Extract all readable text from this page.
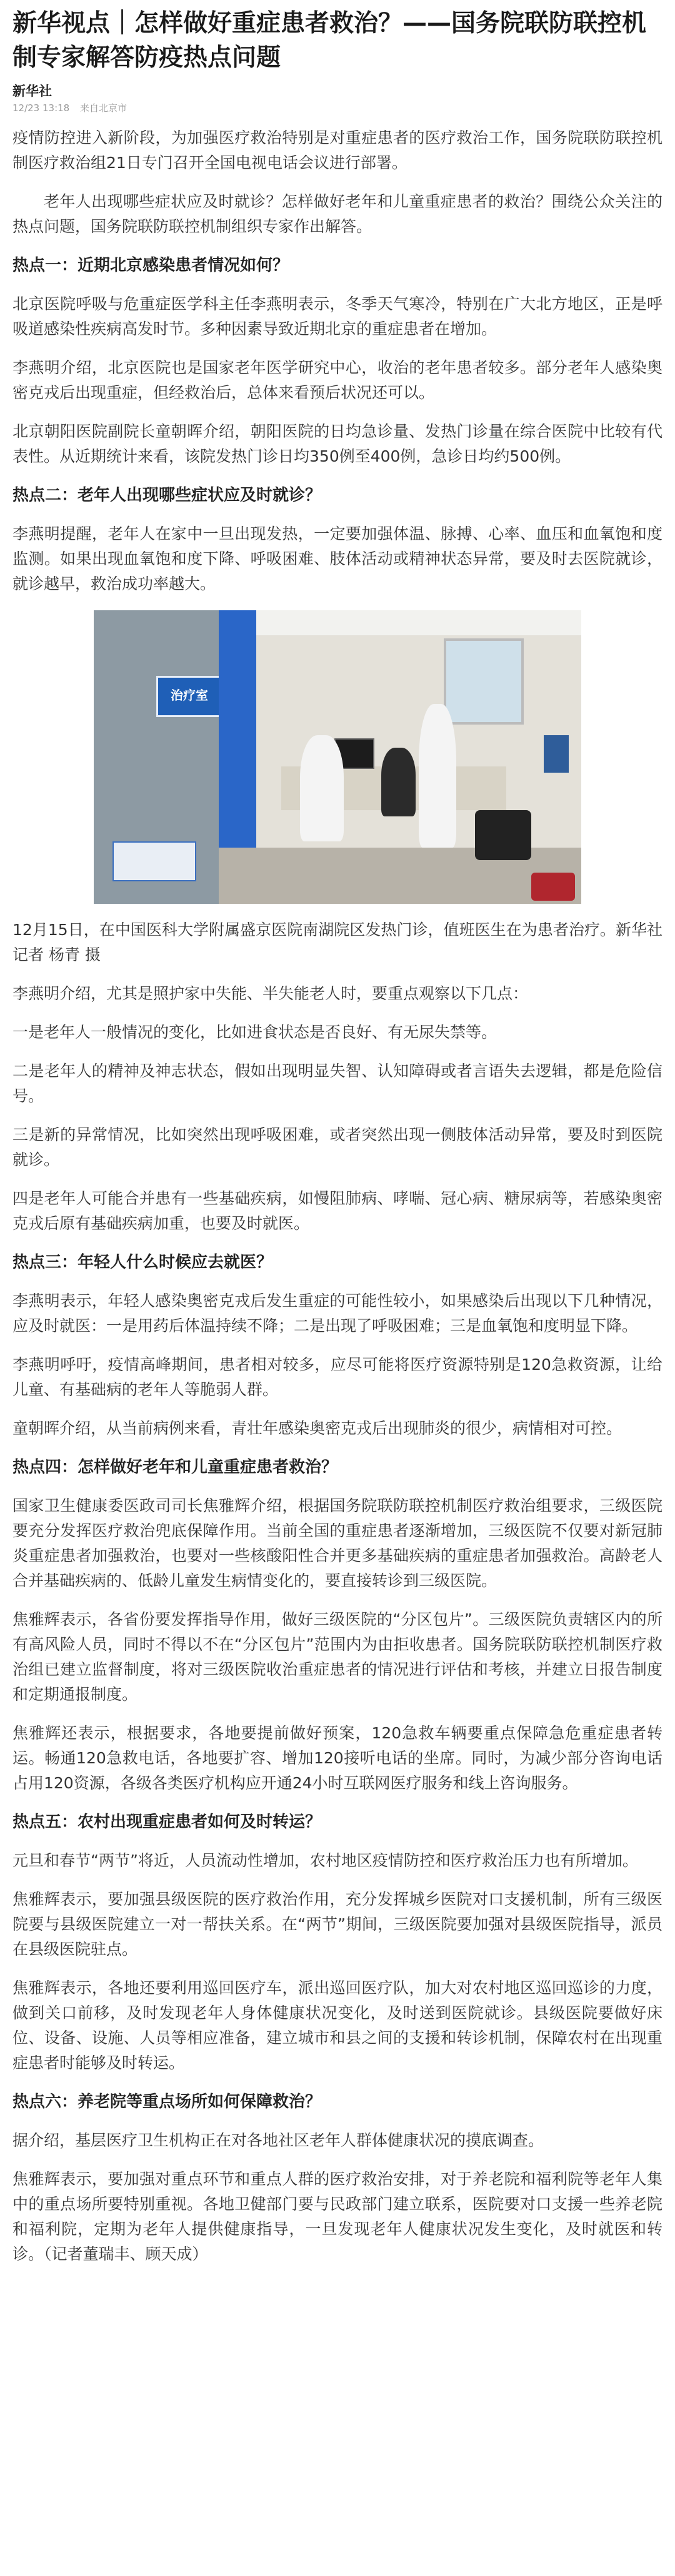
新华视点｜怎样做好重症患者救治？——国务院联防联控机制专家解答防疫热点问题
新华社
12/23 13:18 来自北京市

疫情防控进入新阶段，为加强医疗救治特别是对重症患者的医疗救治工作，国务院联防联控机制医疗救治组21日专门召开全国电视电话会议进行部署。

老年人出现哪些症状应及时就诊？怎样做好老年和儿童重症患者的救治？围绕公众关注的热点问题，国务院联防联控机制组织专家作出解答。

热点一：近期北京感染患者情况如何？

北京医院呼吸与危重症医学科主任李燕明表示，冬季天气寒冷，特别在广大北方地区，正是呼吸道感染性疾病高发时节。多种因素导致近期北京的重症患者在增加。

李燕明介绍，北京医院也是国家老年医学研究中心，收治的老年患者较多。部分老年人感染奥密克戎后出现重症，但经救治后，总体来看预后状况还可以。

北京朝阳医院副院长童朝晖介绍，朝阳医院的日均急诊量、发热门诊量在综合医院中比较有代表性。从近期统计来看，该院发热门诊日均350例至400例，急诊日均约500例。

热点二：老年人出现哪些症状应及时就诊？

李燕明提醒，老年人在家中一旦出现发热，一定要加强体温、脉搏、心率、血压和血氧饱和度监测。如果出现血氧饱和度下降、呼吸困难、肢体活动或精神状态异常，要及时去医院就诊，就诊越早，救治成功率越大。

治疗室

12月15日，在中国医科大学附属盛京医院南湖院区发热门诊，值班医生在为患者治疗。新华社记者 杨青 摄

李燕明介绍，尤其是照护家中失能、半失能老人时，要重点观察以下几点：

一是老年人一般情况的变化，比如进食状态是否良好、有无尿失禁等。

二是老年人的精神及神志状态，假如出现明显失智、认知障碍或者言语失去逻辑，都是危险信号。

三是新的异常情况，比如突然出现呼吸困难，或者突然出现一侧肢体活动异常，要及时到医院就诊。

四是老年人可能合并患有一些基础疾病，如慢阻肺病、哮喘、冠心病、糖尿病等，若感染奥密克戎后原有基础疾病加重，也要及时就医。

热点三：年轻人什么时候应去就医？

李燕明表示，年轻人感染奥密克戎后发生重症的可能性较小，如果感染后出现以下几种情况，应及时就医：一是用药后体温持续不降；二是出现了呼吸困难；三是血氧饱和度明显下降。

李燕明呼吁，疫情高峰期间，患者相对较多，应尽可能将医疗资源特别是120急救资源，让给儿童、有基础病的老年人等脆弱人群。

童朝晖介绍，从当前病例来看，青壮年感染奥密克戎后出现肺炎的很少，病情相对可控。

热点四：怎样做好老年和儿童重症患者救治？

国家卫生健康委医政司司长焦雅辉介绍，根据国务院联防联控机制医疗救治组要求，三级医院要充分发挥医疗救治兜底保障作用。当前全国的重症患者逐渐增加，三级医院不仅要对新冠肺炎重症患者加强救治，也要对一些核酸阳性合并更多基础疾病的重症患者加强救治。高龄老人合并基础疾病的、低龄儿童发生病情变化的，要直接转诊到三级医院。

焦雅辉表示，各省份要发挥指导作用，做好三级医院的“分区包片”。三级医院负责辖区内的所有高风险人员，同时不得以不在“分区包片”范围内为由拒收患者。国务院联防联控机制医疗救治组已建立监督制度，将对三级医院收治重症患者的情况进行评估和考核，并建立日报告制度和定期通报制度。

焦雅辉还表示，根据要求，各地要提前做好预案，120急救车辆要重点保障急危重症患者转运。畅通120急救电话，各地要扩容、增加120接听电话的坐席。同时，为减少部分咨询电话占用120资源，各级各类医疗机构应开通24小时互联网医疗服务和线上咨询服务。

热点五：农村出现重症患者如何及时转运？

元旦和春节“两节”将近，人员流动性增加，农村地区疫情防控和医疗救治压力也有所增加。

焦雅辉表示，要加强县级医院的医疗救治作用，充分发挥城乡医院对口支援机制，所有三级医院要与县级医院建立一对一帮扶关系。在“两节”期间，三级医院要加强对县级医院指导，派员在县级医院驻点。

焦雅辉表示，各地还要利用巡回医疗车，派出巡回医疗队，加大对农村地区巡回巡诊的力度，做到关口前移，及时发现老年人身体健康状况变化，及时送到医院就诊。县级医院要做好床位、设备、设施、人员等相应准备，建立城市和县之间的支援和转诊机制，保障农村在出现重症患者时能够及时转运。

热点六：养老院等重点场所如何保障救治？

据介绍，基层医疗卫生机构正在对各地社区老年人群体健康状况的摸底调查。

焦雅辉表示，要加强对重点环节和重点人群的医疗救治安排，对于养老院和福利院等老年人集中的重点场所要特别重视。各地卫健部门要与民政部门建立联系，医院要对口支援一些养老院和福利院，定期为老年人提供健康指导，一旦发现老年人健康状况发生变化，及时就医和转诊。（记者董瑞丰、顾天成）
